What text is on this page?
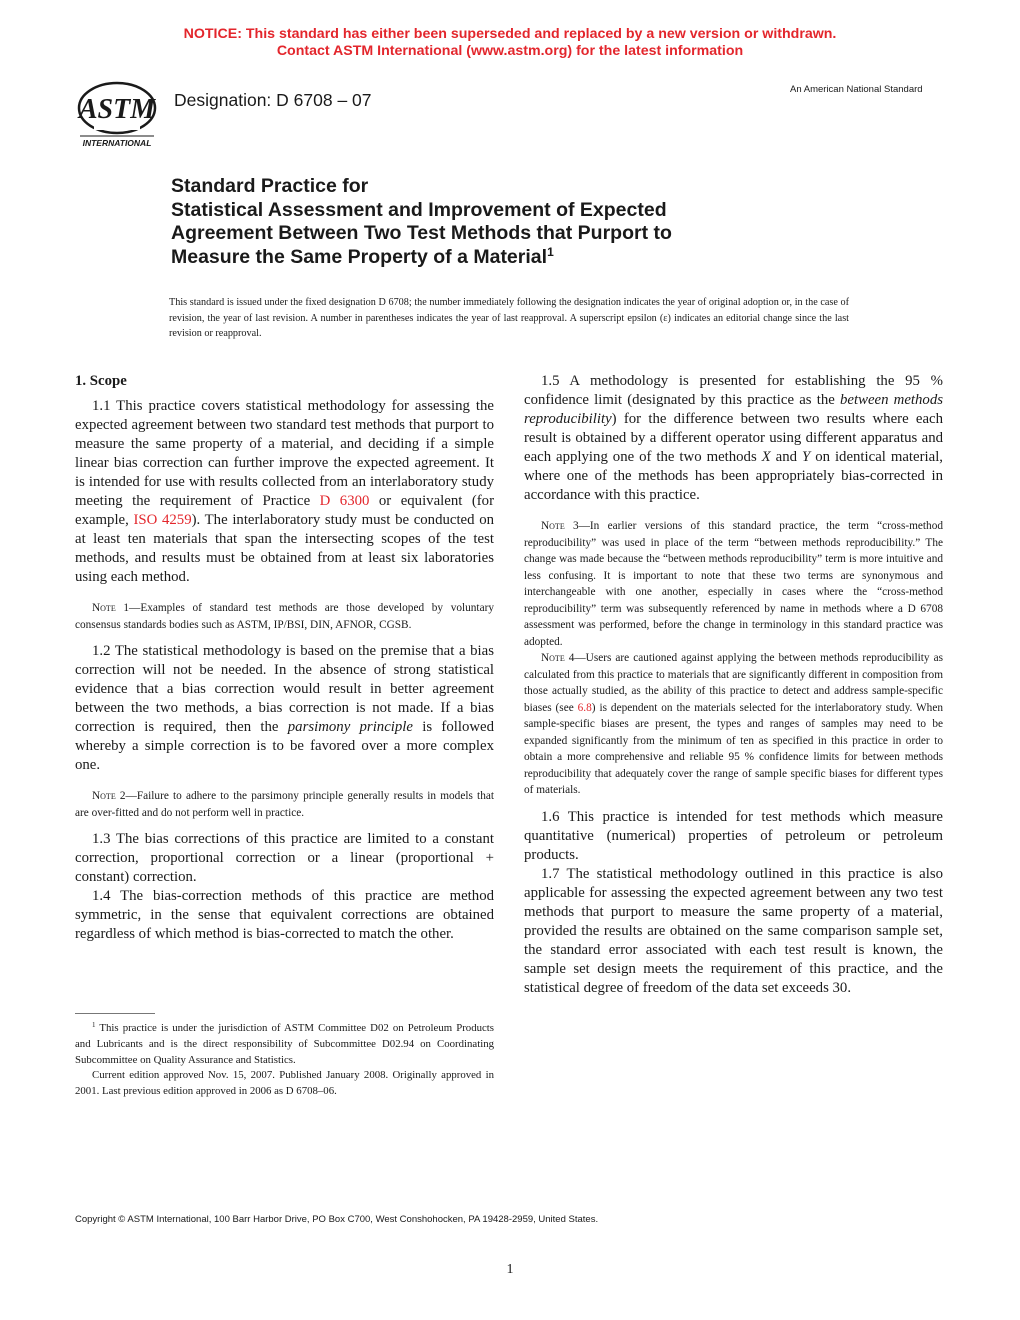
NOTICE: This standard has either been superseded and replaced by a new version or withdrawn.
Contact ASTM International (www.astm.org) for the latest information
ASTM
INTERNATIONAL
Designation: D 6708 – 07
An American National Standard
Standard Practice for
Statistical Assessment and Improvement of Expected
Agreement Between Two Test Methods that Purport to
Measure the Same Property of a Material$^1$
This standard is issued under the fixed designation D 6708; the number immediately following the designation indicates the year of original adoption or, in the case of revision, the year of last revision. A number in parentheses indicates the year of last reapproval. A superscript epsilon (ε) indicates an editorial change since the last revision or reapproval.

1. Scope

1.1 This practice covers statistical methodology for assessing the expected agreement between two standard test methods that purport to measure the same property of a material, and deciding if a simple linear bias correction can further improve the expected agreement. It is intended for use with results collected from an interlaboratory study meeting the requirement of Practice D 6300 or equivalent (for example, ISO 4259). The interlaboratory study must be conducted on at least ten materials that span the intersecting scopes of the test methods, and results must be obtained from at least six laboratories using each method.

Note 1—Examples of standard test methods are those developed by voluntary consensus standards bodies such as ASTM, IP/BSI, DIN, AFNOR, CGSB.

1.2 The statistical methodology is based on the premise that a bias correction will not be needed. In the absence of strong statistical evidence that a bias correction would result in better agreement between the two methods, a bias correction is not made. If a bias correction is required, then the parsimony principle is followed whereby a simple correction is to be favored over a more complex one.

Note 2—Failure to adhere to the parsimony principle generally results in models that are over-fitted and do not perform well in practice.

1.3 The bias corrections of this practice are limited to a constant correction, proportional correction or a linear (proportional + constant) correction.

1.4 The bias-correction methods of this practice are method symmetric, in the sense that equivalent corrections are obtained regardless of which method is bias-corrected to match the other.

1.5 A methodology is presented for establishing the 95 % confidence limit (designated by this practice as the between methods reproducibility) for the difference between two results where each result is obtained by a different operator using different apparatus and each applying one of the two methods X and Y on identical material, where one of the methods has been appropriately bias-corrected in accordance with this practice.

Note 3—In earlier versions of this standard practice, the term “cross-method reproducibility” was used in place of the term “between methods reproducibility.” The change was made because the “between methods reproducibility” term is more intuitive and less confusing. It is important to note that these two terms are synonymous and interchangeable with one another, especially in cases where the “cross-method reproducibility” term was subsequently referenced by name in methods where a D 6708 assessment was performed, before the change in terminology in this standard practice was adopted.

Note 4—Users are cautioned against applying the between methods reproducibility as calculated from this practice to materials that are significantly different in composition from those actually studied, as the ability of this practice to detect and address sample-specific biases (see 6.8) is dependent on the materials selected for the interlaboratory study. When sample-specific biases are present, the types and ranges of samples may need to be expanded significantly from the minimum of ten as specified in this practice in order to obtain a more comprehensive and reliable 95 % confidence limits for between methods reproducibility that adequately cover the range of sample specific biases for different types of materials.

1.6 This practice is intended for test methods which measure quantitative (numerical) properties of petroleum or petroleum products.

1.7 The statistical methodology outlined in this practice is also applicable for assessing the expected agreement between any two test methods that purport to measure the same property of a material, provided the results are obtained on the same comparison sample set, the standard error associated with each test result is known, the sample set design meets the requirement of this practice, and the statistical degree of freedom of the data set exceeds 30.

$^1$ This practice is under the jurisdiction of ASTM Committee D02 on Petroleum Products and Lubricants and is the direct responsibility of Subcommittee D02.94 on Coordinating Subcommittee on Quality Assurance and Statistics.

Current edition approved Nov. 15, 2007. Published January 2008. Originally approved in 2001. Last previous edition approved in 2006 as D 6708–06.

Copyright © ASTM International, 100 Barr Harbor Drive, PO Box C700, West Conshohocken, PA 19428-2959, United States.
1
